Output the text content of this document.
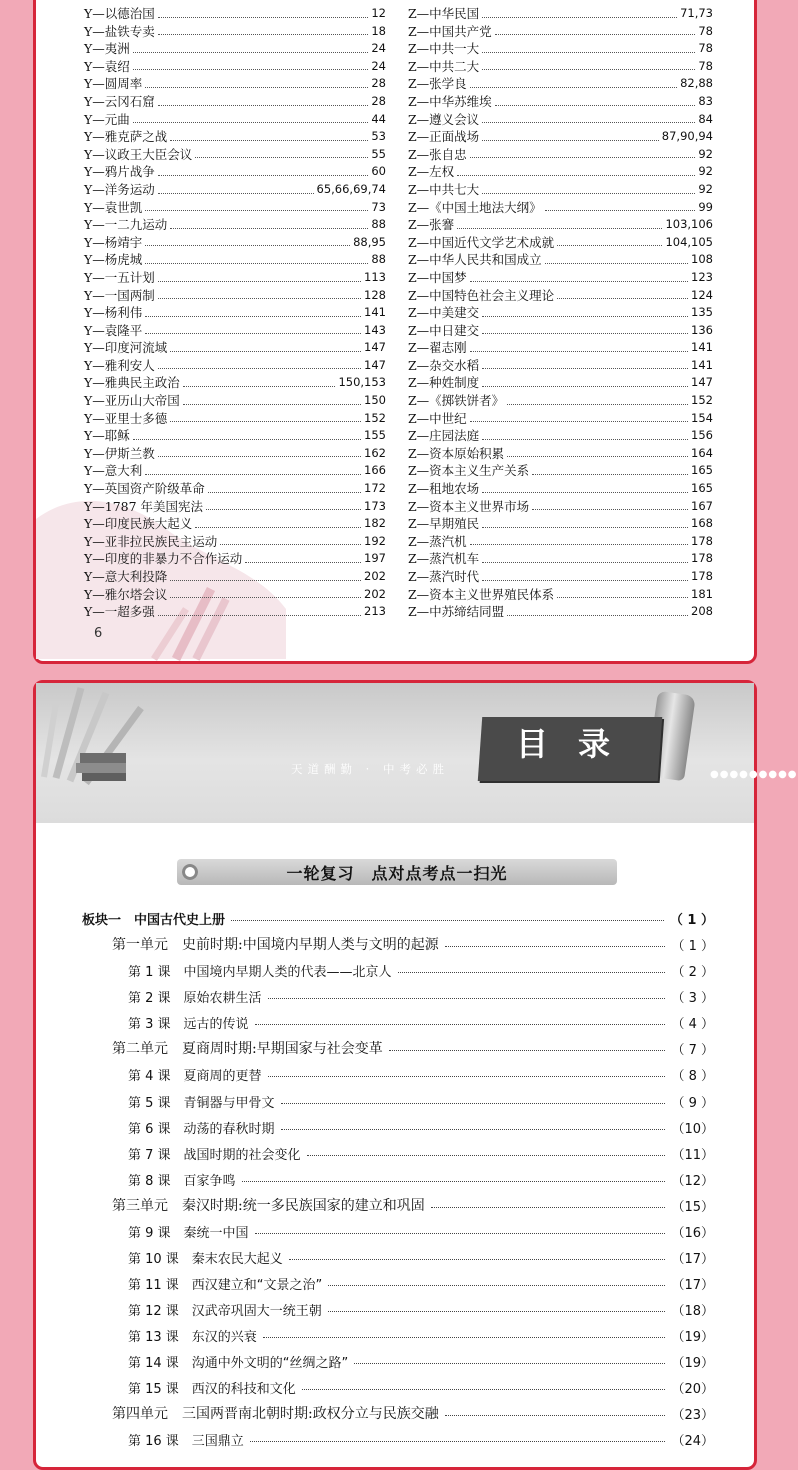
Y—以德治国	12
Y—盐铁专卖	18
Y—夷洲	24
Y—袁绍	24
Y—圆周率	28
Y—云冈石窟	28
Y—元曲	44
Y—雅克萨之战	53
Y—议政王大臣会议	55
Y—鸦片战争	60
Y—洋务运动	65,66,69,74
Y—袁世凯	73
Y—一二九运动	88
Y—杨靖宇	88,95
Y—杨虎城	88
Y—一五计划	113
Y—一国两制	128
Y—杨利伟	141
Y—袁隆平	143
Y—印度河流域	147
Y—雅利安人	147
Y—雅典民主政治	150,153
Y—亚历山大帝国	150
Y—亚里士多德	152
Y—耶稣	155
Y—伊斯兰教	162
Y—意大利	166
Y—英国资产阶级革命	172
Y—1787 年美国宪法	173
Y—印度民族大起义	182
Y—亚非拉民族民主运动	192
Y—印度的非暴力不合作运动	197
Y—意大利投降	202
Y—雅尔塔会议	202
Y—一超多强	213
Z—中华民国	71,73
Z—中国共产党	78
Z—中共一大	78
Z—中共二大	78
Z—张学良	82,88
Z—中华苏维埃	83
Z—遵义会议	84
Z—正面战场	87,90,94
Z—张自忠	92
Z—左权	92
Z—中共七大	92
Z—《中国土地法大纲》	99
Z—张謇	103,106
Z—中国近代文学艺术成就	104,105
Z—中华人民共和国成立	108
Z—中国梦	123
Z—中国特色社会主义理论	124
Z—中美建交	135
Z—中日建交	136
Z—翟志刚	141
Z—杂交水稻	141
Z—种姓制度	147
Z—《掷铁饼者》	152
Z—中世纪	154
Z—庄园法庭	156
Z—资本原始积累	164
Z—资本主义生产关系	165
Z—租地农场	165
Z—资本主义世界市场	167
Z—早期殖民	168
Z—蒸汽机	178
Z—蒸汽机车	178
Z—蒸汽时代	178
Z—资本主义世界殖民体系	181
Z—中苏缔结同盟	208
6
天道酬勤 · 中考必胜
目录
●●●●●●●●●
一轮复习　点对点考点一扫光
板块一　中国古代史上册	（ 1 ）
第一单元　史前时期:中国境内早期人类与文明的起源	（ 1 ）
第 1 课　中国境内早期人类的代表——北京人	（ 2 ）
第 2 课　原始农耕生活	（ 3 ）
第 3 课　远古的传说	（ 4 ）
第二单元　夏商周时期:早期国家与社会变革	（ 7 ）
第 4 课　夏商周的更替	（ 8 ）
第 5 课　青铜器与甲骨文	（ 9 ）
第 6 课　动荡的春秋时期	（10）
第 7 课　战国时期的社会变化	（11）
第 8 课　百家争鸣	（12）
第三单元　秦汉时期:统一多民族国家的建立和巩固	（15）
第 9 课　秦统一中国	（16）
第 10 课　秦末农民大起义	（17）
第 11 课　西汉建立和“文景之治”	（17）
第 12 课　汉武帝巩固大一统王朝	（18）
第 13 课　东汉的兴衰	（19）
第 14 课　沟通中外文明的“丝绸之路”	（19）
第 15 课　西汉的科技和文化	（20）
第四单元　三国两晋南北朝时期:政权分立与民族交融	（23）
第 16 课　三国鼎立	（24）
